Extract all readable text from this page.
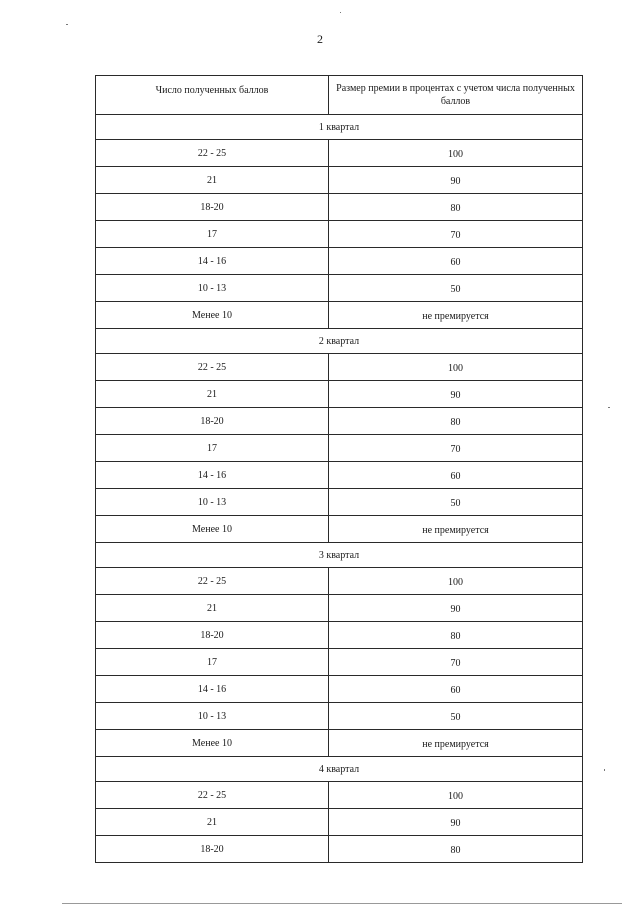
2
Число полученных баллов	Размер премии в процентах с учетом числа полученных баллов
1 квартал	
22 - 25	100
21	90
18-20	80
17	70
14 - 16	60
10 - 13	50
Менее 10	не премируется
2 квартал	
22 - 25	100
21	90
18-20	80
17	70
14 - 16	60
10 - 13	50
Менее 10	не премируется
3 квартал	
22 - 25	100
21	90
18-20	80
17	70
14 - 16	60
10 - 13	50
Менее 10	не премируется
4 квартал	
22 - 25	100
21	90
18-20	80
